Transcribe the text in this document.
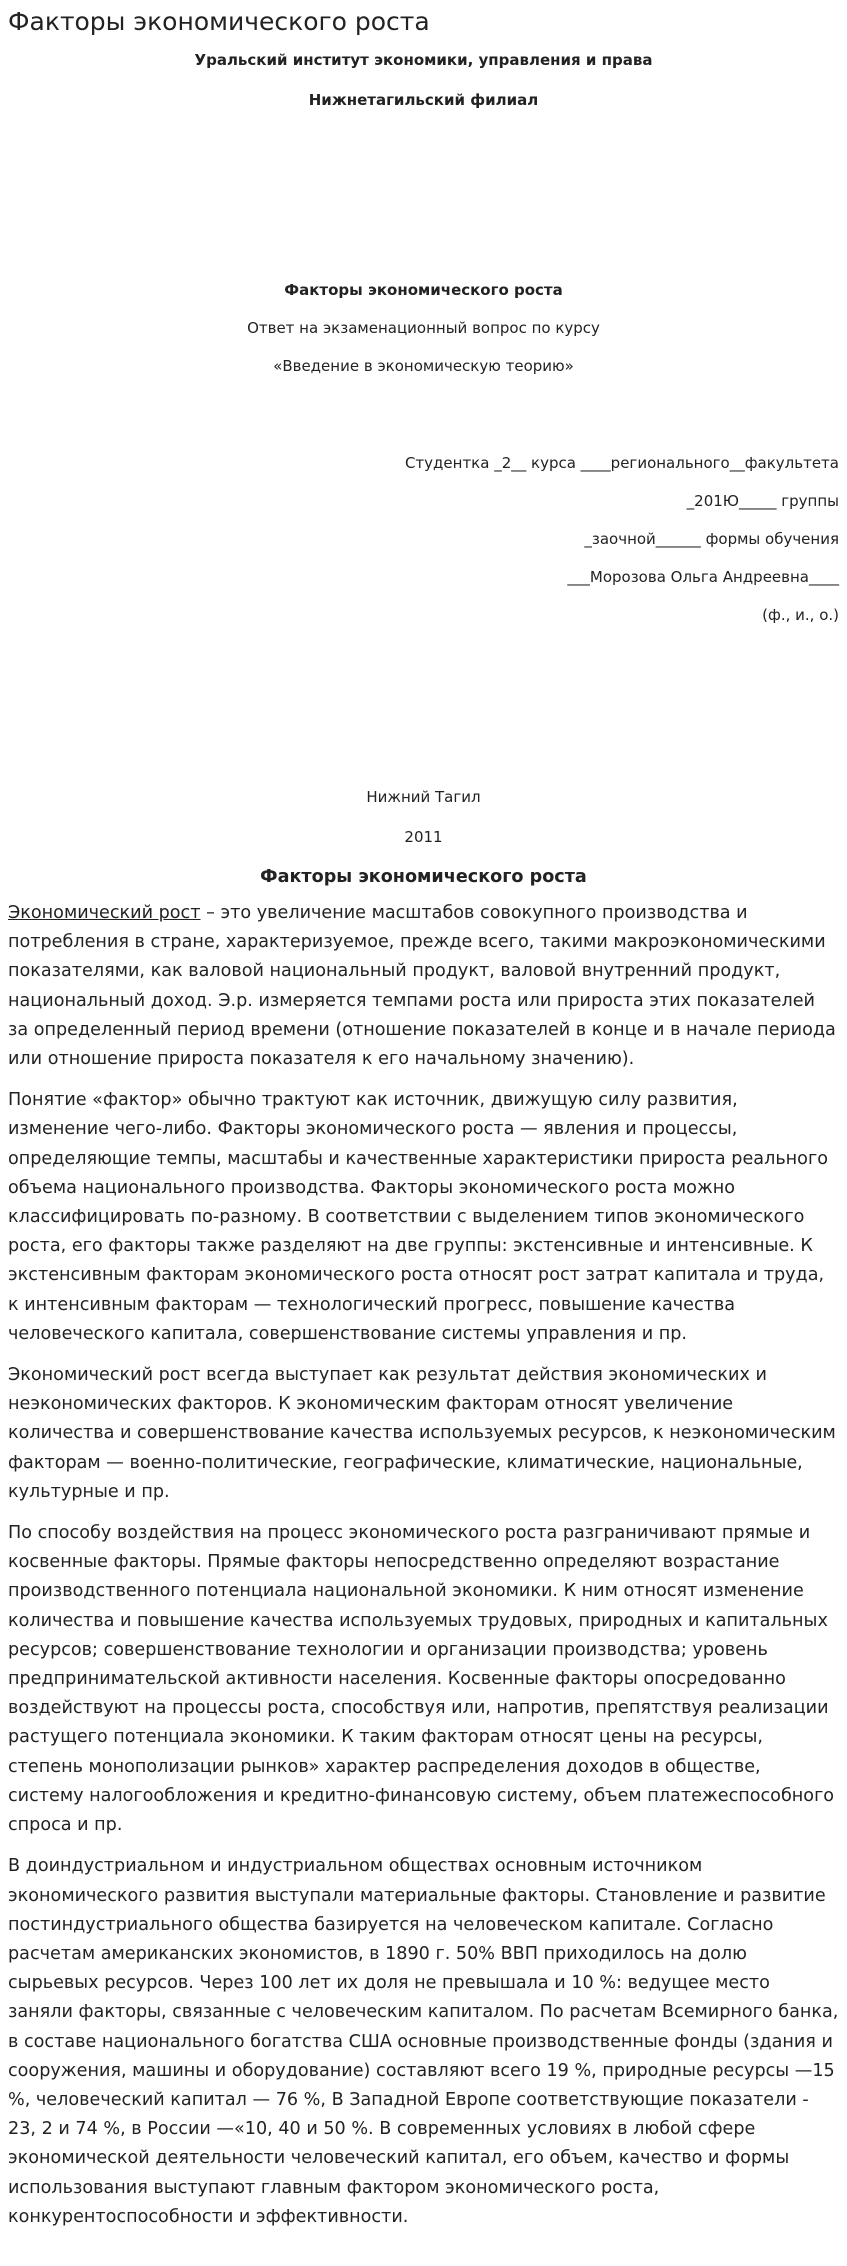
Факторы экономического роста
Уральский институт экономики, управления и права
Нижнетагильский филиал
Факторы экономического роста
Ответ на экзаменационный вопрос по курсу
«Введение в экономическую теорию»
Студентка _2__ курса ____регионального__факультета
_201Ю_____ группы
_заочной______ формы обучения
___Морозова Ольга Андреевна____
(ф., и., о.)
Нижний Тагил
2011
Факторы экономического роста

Экономический рост – это увеличение масштабов совокупного производства и потребления в стране, характеризуемое, прежде всего, такими макроэкономическими показателями, как валовой национальный продукт, валовой внутренний продукт, национальный доход. Э.р. измеряется темпами роста или прироста этих показателей за определенный период времени (отношение показателей в конце и в начале периода или отношение прироста показателя к его начальному значению).

Понятие «фактор» обычно трактуют как источник, движущую силу развития, изменение чего-либо. Факторы экономического роста — явления и процессы, определяющие темпы, масштабы и качественные характеристики прироста реального объема национального производства. Факторы экономического роста можно классифицировать по-разному. В соответствии с выделением типов экономического роста, его факторы также разделяют на две группы: экстенсивные и интенсивные. К экстенсивным факторам экономического роста относят рост затрат капитала и труда, к интенсивным факторам — технологический прогресс, повышение качества человеческого капитала, совершенствование системы управления и пр.

Экономический рост всегда выступает как результат действия экономических и неэкономических факторов. К экономическим факторам относят увеличение количества и совершенствование качества используемых ресурсов, к неэкономическим факторам — военно-политические, географические, климатические, национальные, культурные и пр.

По способу воздействия на процесс экономического роста разграничивают прямые и косвенные факторы. Прямые факторы непосредственно определяют возрастание производственного потенциала национальной экономики. К ним относят изменение количества и повышение качества используемых трудовых, природных и капитальных ресурсов; совершенствование технологии и организации производства; уровень предпринимательской активности населения. Косвенные факторы опосредованно воздействуют на процессы роста, способствуя или, напротив, препятствуя реализации растущего потенциала экономики. К таким факторам относят цены на ресурсы, степень монополизации рынков» характер распределения доходов в обществе, систему налогообложения и кредитно-финансовую систему, объем платежеспособного спроса и пр.

В доиндустриальном и индустриальном обществах основным источником экономического развития выступали материальные факторы. Становление и развитие постиндустриального общества базируется на человеческом капитале. Согласно расчетам американских экономистов, в 1890 г. 50% ВВП приходилось на долю сырьевых ресурсов. Через 100 лет их доля не превышала и 10 %: ведущее место заняли факторы, связанные с человеческим капиталом. По расчетам Всемирного банка, в составе национального богатства США основные производственные фонды (здания и сооружения, машины и оборудование) составляют всего 19 %, природные ресурсы —15 %, человеческий капитал — 76 %, В Западной Европе соответствующие показатели - 23, 2 и 74 %, в России —«10, 40 и 50 %. В современных условиях в любой сфере экономической деятельности человеческий капитал, его объем, качество и формы использования выступают главным фактором экономического роста, конкурентоспособности и эффективности.
